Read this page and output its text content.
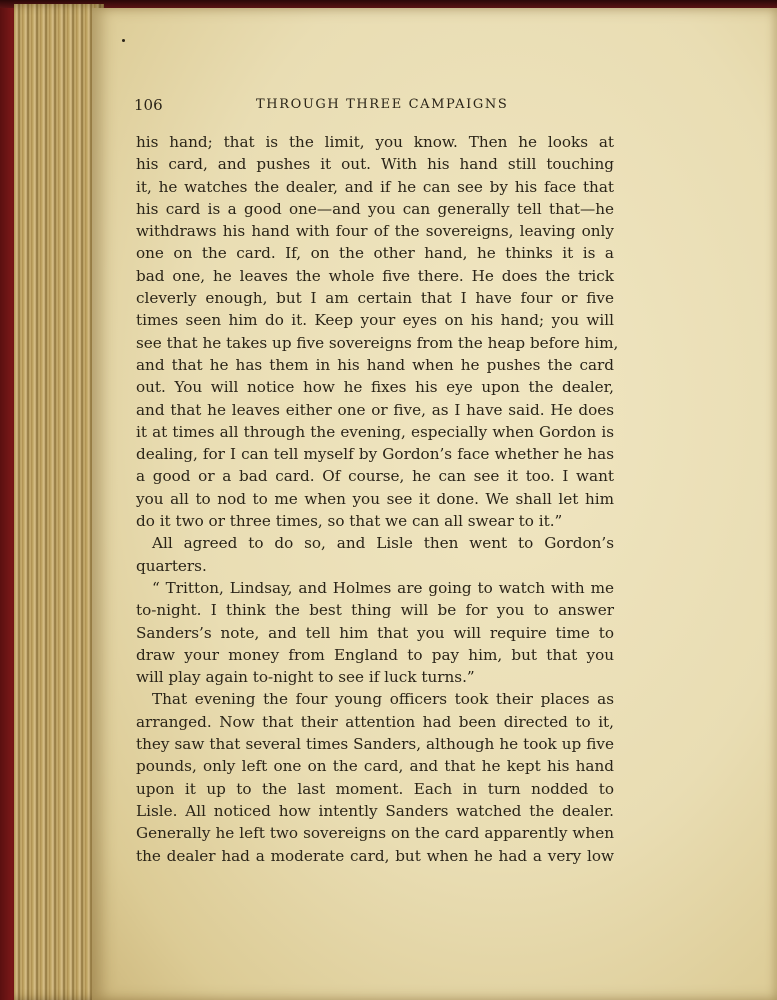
106	THROUGH THREE CAMPAIGNS
his hand; that is the limit, you know. Then he looks at
his card, and pushes it out. With his hand still touching
it, he watches the dealer, and if he can see by his face that
his card is a good one—and you can generally tell that—he
withdraws his hand with four of the sovereigns, leaving only
one on the card. If, on the other hand, he thinks it is a
bad one, he leaves the whole five there. He does the trick
cleverly enough, but I am certain that I have four or five
times seen him do it. Keep your eyes on his hand; you will
see that he takes up five sovereigns from the heap before him,
and that he has them in his hand when he pushes the card
out. You will notice how he fixes his eye upon the dealer,
and that he leaves either one or five, as I have said. He does
it at times all through the evening, especially when Gordon is
dealing, for I can tell myself by Gordon’s face whether he has
a good or a bad card. Of course, he can see it too. I want
you all to nod to me when you see it done. We shall let him
do it two or three times, so that we can all swear to it.”
All agreed to do so, and Lisle then went to Gordon’s
quarters.
“ Tritton, Lindsay, and Holmes are going to watch with me
to-night. I think the best thing will be for you to answer
Sanders’s note, and tell him that you will require time to
draw your money from England to pay him, but that you
will play again to-night to see if luck turns.”
That evening the four young officers took their places as
arranged. Now that their attention had been directed to it,
they saw that several times Sanders, although he took up five
pounds, only left one on the card, and that he kept his hand
upon it up to the last moment. Each in turn nodded to
Lisle. All noticed how intently Sanders watched the dealer.
Generally he left two sovereigns on the card apparently when
the dealer had a moderate card, but when he had a very low
